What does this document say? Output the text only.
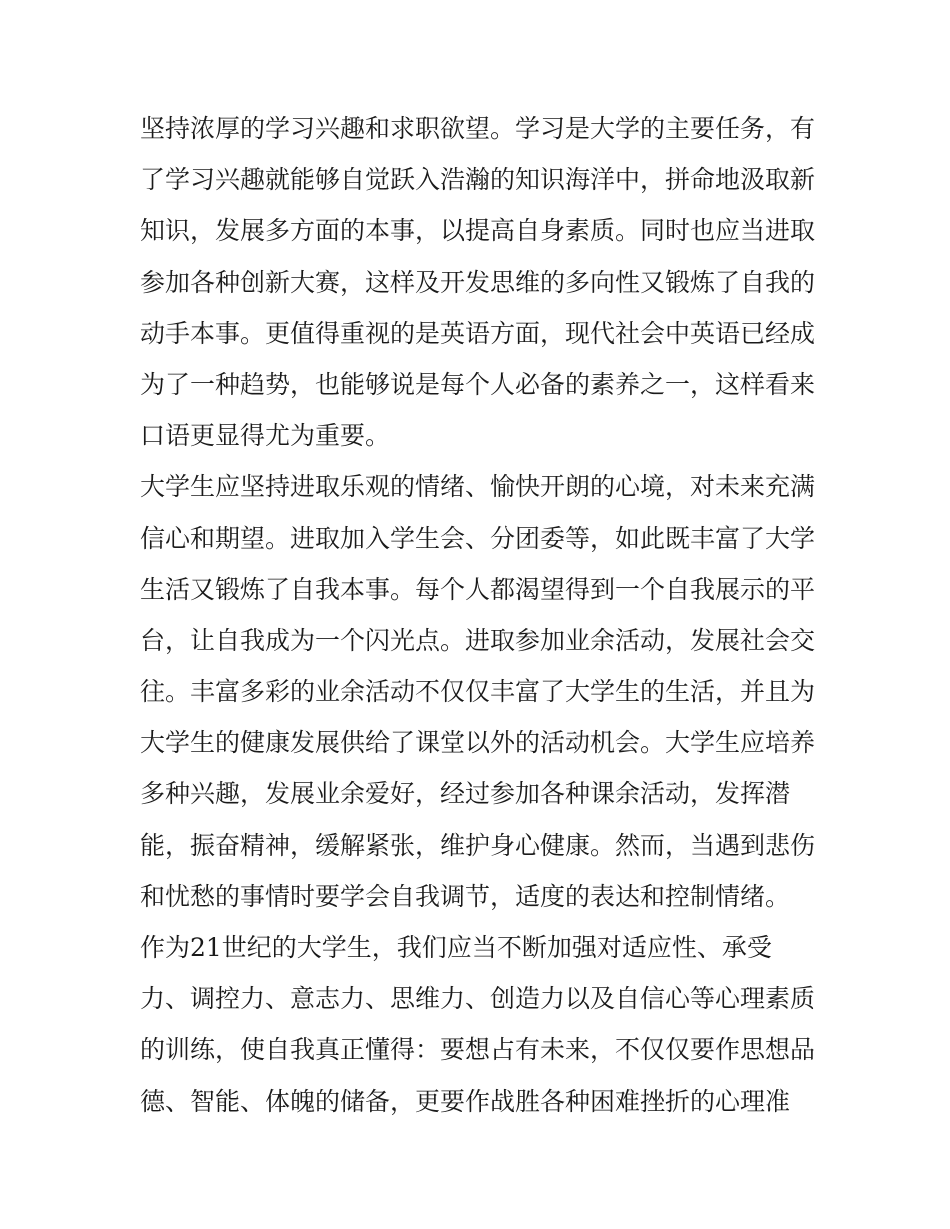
坚持浓厚的学习兴趣和求职欲望。学习是大学的主要任务，有
了学习兴趣就能够自觉跃入浩瀚的知识海洋中，拼命地汲取新
知识，发展多方面的本事，以提高自身素质。同时也应当进取
参加各种创新大赛，这样及开发思维的多向性又锻炼了自我的
动手本事。更值得重视的是英语方面，现代社会中英语已经成
为了一种趋势，也能够说是每个人必备的素养之一，这样看来
口语更显得尤为重要。
大学生应坚持进取乐观的情绪、愉快开朗的心境，对未来充满
信心和期望。进取加入学生会、分团委等，如此既丰富了大学
生活又锻炼了自我本事。每个人都渴望得到一个自我展示的平
台，让自我成为一个闪光点。进取参加业余活动，发展社会交
往。丰富多彩的业余活动不仅仅丰富了大学生的生活，并且为
大学生的健康发展供给了课堂以外的活动机会。大学生应培养
多种兴趣，发展业余爱好，经过参加各种课余活动，发挥潜
能，振奋精神，缓解紧张，维护身心健康。然而，当遇到悲伤
和忧愁的事情时要学会自我调节，适度的表达和控制情绪。
作为21世纪的大学生，我们应当不断加强对适应性、承受
力、调控力、意志力、思维力、创造力以及自信心等心理素质
的训练，使自我真正懂得：要想占有未来，不仅仅要作思想品
德、智能、体魄的储备，更要作战胜各种困难挫折的心理准
